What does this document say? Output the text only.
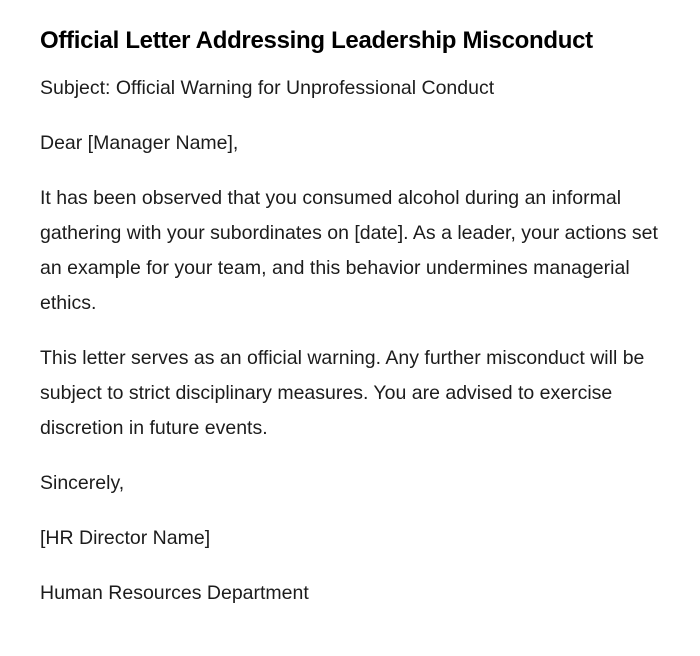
Official Letter Addressing Leadership Misconduct

Subject: Official Warning for Unprofessional Conduct

Dear [Manager Name],

It has been observed that you consumed alcohol during an informal gathering with your subordinates on [date]. As a leader, your actions set an example for your team, and this behavior undermines managerial ethics.

This letter serves as an official warning. Any further misconduct will be subject to strict disciplinary measures. You are advised to exercise discretion in future events.

Sincerely,

[HR Director Name]

Human Resources Department
